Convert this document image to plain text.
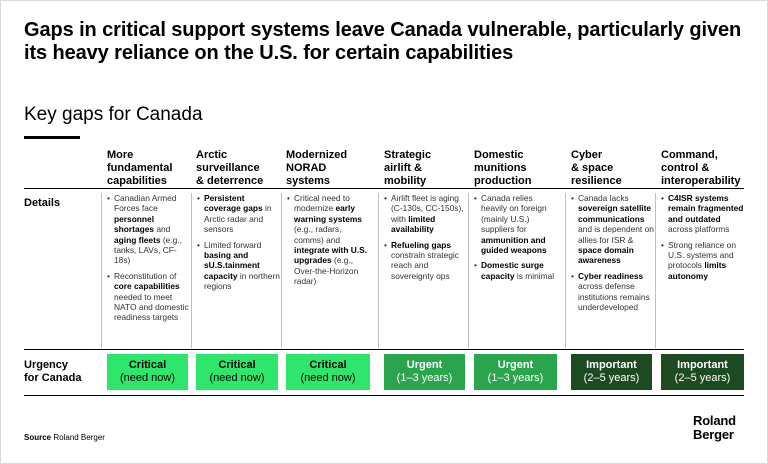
Gaps in critical support systems leave Canada vulnerable, particularly given its heavy reliance on the U.S. for certain capabilities
Key gaps for Canada
More
fundamental
capabilities
Arctic
surveillance
& deterrence
Modernized
NORAD
systems
Strategic
airlift &
mobility
Domestic
munitions
production
Cyber
& space
resilience
Command,
control &
interoperability
Details
•	Canadian Armed Forces face personnel shortages and aging fleets (e.g., tanks, LAVs, CF-18s)
• Reconstitution of core capabilities needed to meet NATO and domestic readiness targets
• Persistent coverage gaps in Arctic radar and sensors
• Limited forward basing and sU.S.tainment capacity in northern regions
• Critical need to modernize early warning systems (e.g., radars, comms) and integrate with U.S. upgrades (e.g., Over-the-Horizon radar)
• Airlift fleet is aging (C-130s, CC-150s), with limited availability
• Refueling gaps constrain strategic reach and sovereignty ops
• Canada relies heavily on foreign (mainly U.S.) suppliers for ammunition and guided weapons
• Domestic surge capacity is minimal
• Canada lacks sovereign satellite communications and is dependent on allies for ISR & space domain awareness
• Cyber readiness across defense institutions remains underdeveloped
• C4ISR systems remain fragmented and outdated across platforms
• Strong reliance on U.S. systems and protocols limits autonomy
Urgency
for Canada
Critical
(need now)
Critical
(need now)
Critical
(need now)
Urgent
(1–3 years)
Urgent
(1–3 years)
Important
(2–5 years)
Important
(2–5 years)
Source Roland Berger
Roland
Berger
